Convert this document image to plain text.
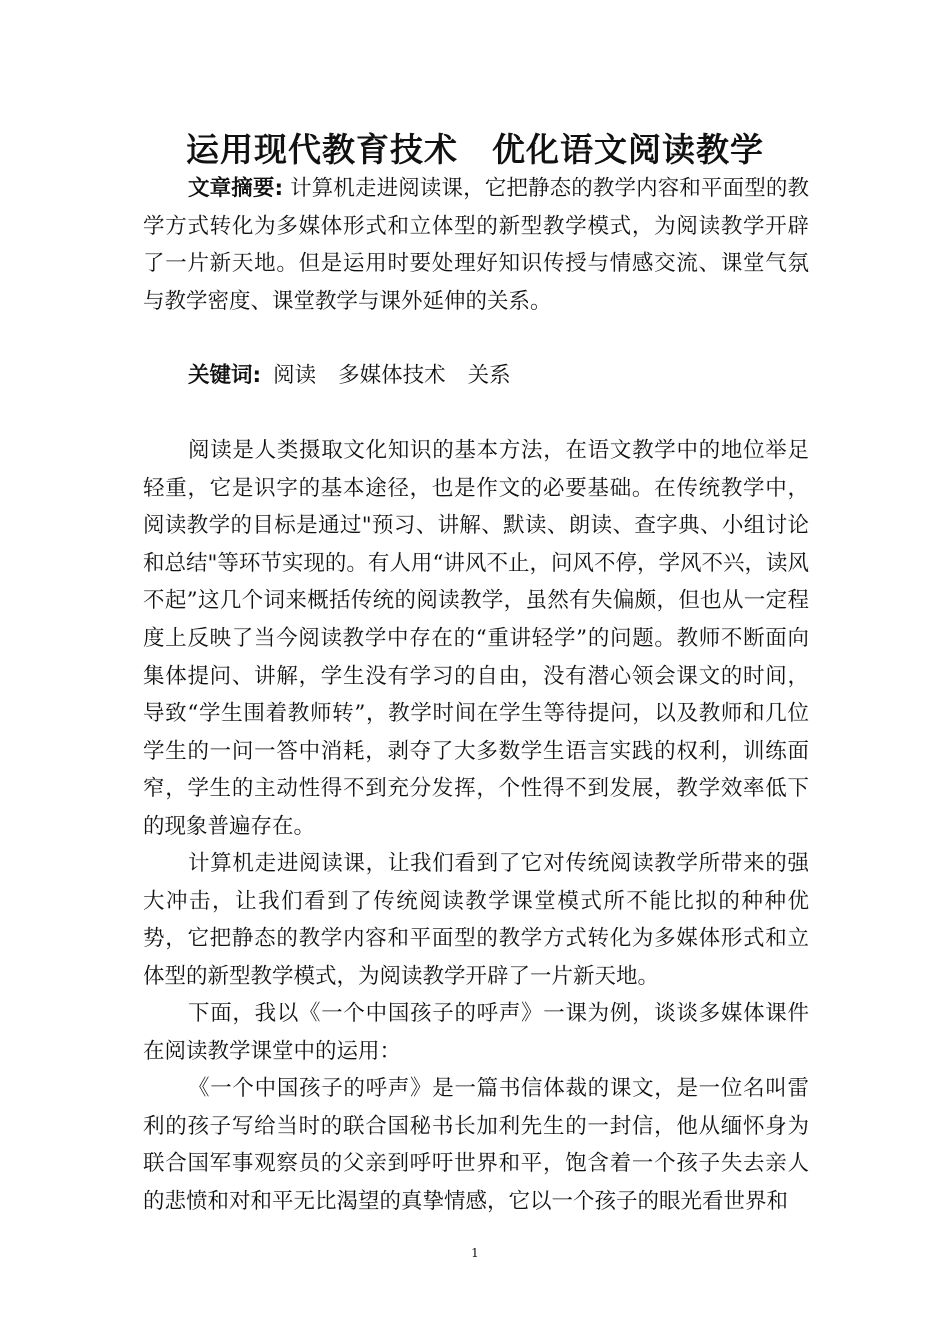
运用现代教育技术　优化语文阅读教学

文章摘要: 计算机走进阅读课，它把静态的教学内容和平面型的教学方式转化为多媒体形式和立体型的新型教学模式，为阅读教学开辟了一片新天地。但是运用时要处理好知识传授与情感交流、课堂气氛与教学密度、课堂教学与课外延伸的关系。

关键词: 阅读 多媒体技术 关系

阅读是人类摄取文化知识的基本方法，在语文教学中的地位举足轻重，它是识字的基本途径，也是作文的必要基础。在传统教学中，阅读教学的目标是通过"预习、讲解、默读、朗读、查字典、小组讨论和总结"等环节实现的。有人用“讲风不止，问风不停，学风不兴，读风不起”这几个词来概括传统的阅读教学，虽然有失偏颇，但也从一定程度上反映了当今阅读教学中存在的“重讲轻学”的问题。教师不断面向集体提问、讲解，学生没有学习的自由，没有潜心领会课文的时间，导致“学生围着教师转”，教学时间在学生等待提问，以及教师和几位学生的一问一答中消耗，剥夺了大多数学生语言实践的权利，训练面窄，学生的主动性得不到充分发挥，个性得不到发展，教学效率低下的现象普遍存在。

计算机走进阅读课，让我们看到了它对传统阅读教学所带来的强大冲击，让我们看到了传统阅读教学课堂模式所不能比拟的种种优势，它把静态的教学内容和平面型的教学方式转化为多媒体形式和立体型的新型教学模式，为阅读教学开辟了一片新天地。

下面，我以《一个中国孩子的呼声》一课为例，谈谈多媒体课件在阅读教学课堂中的运用：

《一个中国孩子的呼声》是一篇书信体裁的课文，是一位名叫雷利的孩子写给当时的联合国秘书长加利先生的一封信，他从缅怀身为联合国军事观察员的父亲到呼吁世界和平，饱含着一个孩子失去亲人的悲愤和对和平无比渴望的真挚情感，它以一个孩子的眼光看世界和

1
